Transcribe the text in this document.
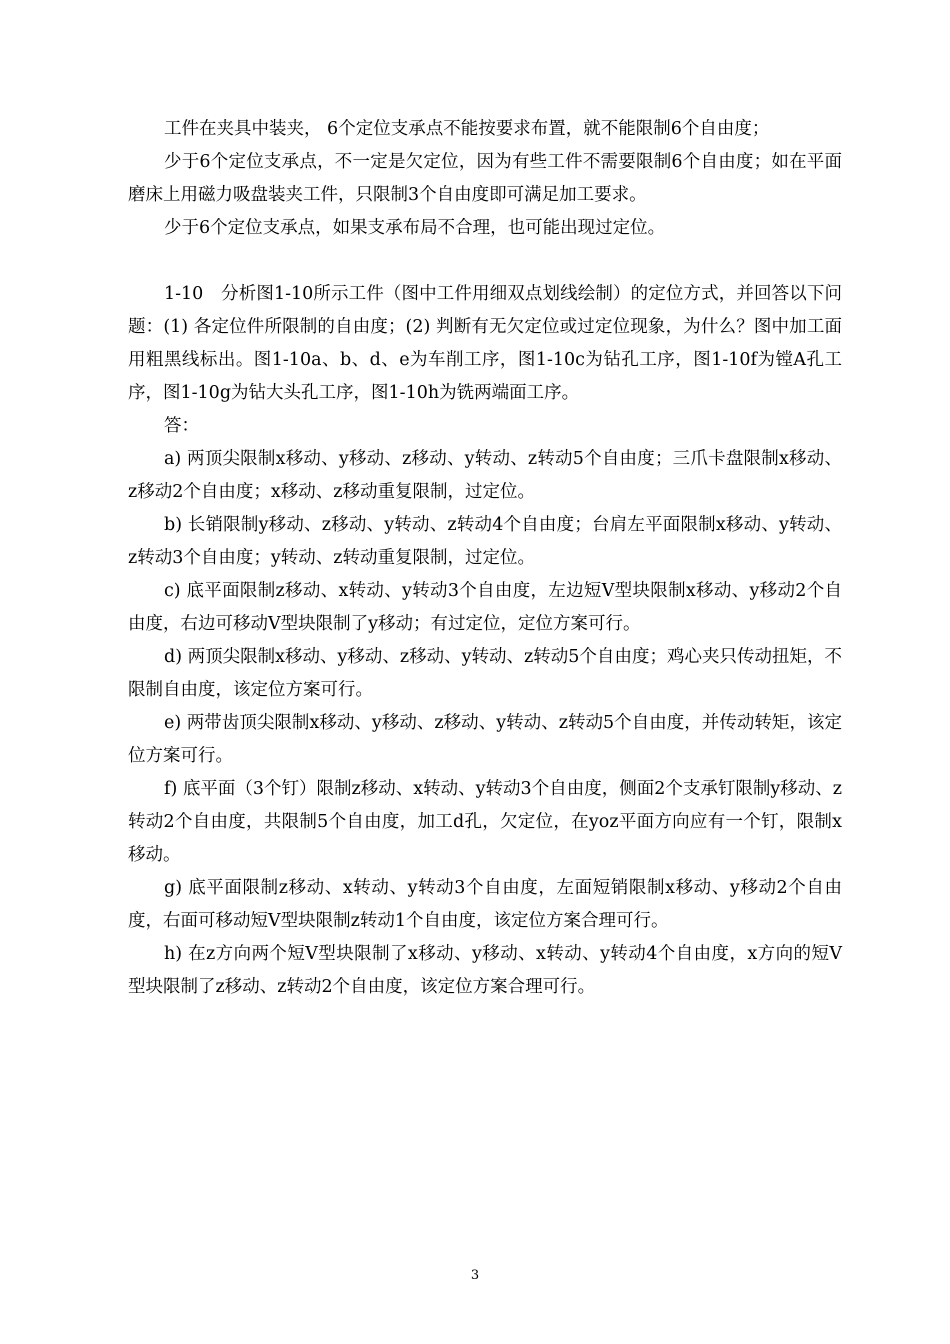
工件在夹具中装夹， 6个定位支承点不能按要求布置，就不能限制6个自由度；

少于6个定位支承点，不一定是欠定位，因为有些工件不需要限制6个自由度；如在平面磨床上用磁力吸盘装夹工件，只限制3个自由度即可满足加工要求。

少于6个定位支承点，如果支承布局不合理，也可能出现过定位。

1-10　分析图1-10所示工件（图中工件用细双点划线绘制）的定位方式，并回答以下问题：(1) 各定位件所限制的自由度；(2) 判断有无欠定位或过定位现象，为什么？图中加工面用粗黑线标出。图1-10a、b、d、e为车削工序，图1-10c为钻孔工序，图1-10f为镗A孔工序，图1-10g为钻大头孔工序，图1-10h为铣两端面工序。

答：

a) 两顶尖限制x移动、y移动、z移动、y转动、z转动5个自由度；三爪卡盘限制x移动、z移动2个自由度；x移动、z移动重复限制，过定位。

b) 长销限制y移动、z移动、y转动、z转动4个自由度；台肩左平面限制x移动、y转动、z转动3个自由度；y转动、z转动重复限制，过定位。

c) 底平面限制z移动、x转动、y转动3个自由度，左边短V型块限制x移动、y移动2个自由度，右边可移动V型块限制了y移动；有过定位，定位方案可行。

d) 两顶尖限制x移动、y移动、z移动、y转动、z转动5个自由度；鸡心夹只传动扭矩，不限制自由度，该定位方案可行。

e) 两带齿顶尖限制x移动、y移动、z移动、y转动、z转动5个自由度，并传动转矩，该定位方案可行。

f) 底平面（3个钉）限制z移动、x转动、y转动3个自由度，侧面2个支承钉限制y移动、z转动2个自由度，共限制5个自由度，加工d孔，欠定位，在yoz平面方向应有一个钉，限制x移动。

g) 底平面限制z移动、x转动、y转动3个自由度，左面短销限制x移动、y移动2个自由度，右面可移动短V型块限制z转动1个自由度，该定位方案合理可行。

h) 在z方向两个短V型块限制了x移动、y移动、x转动、y转动4个自由度，x方向的短V型块限制了z移动、z转动2个自由度，该定位方案合理可行。

3
